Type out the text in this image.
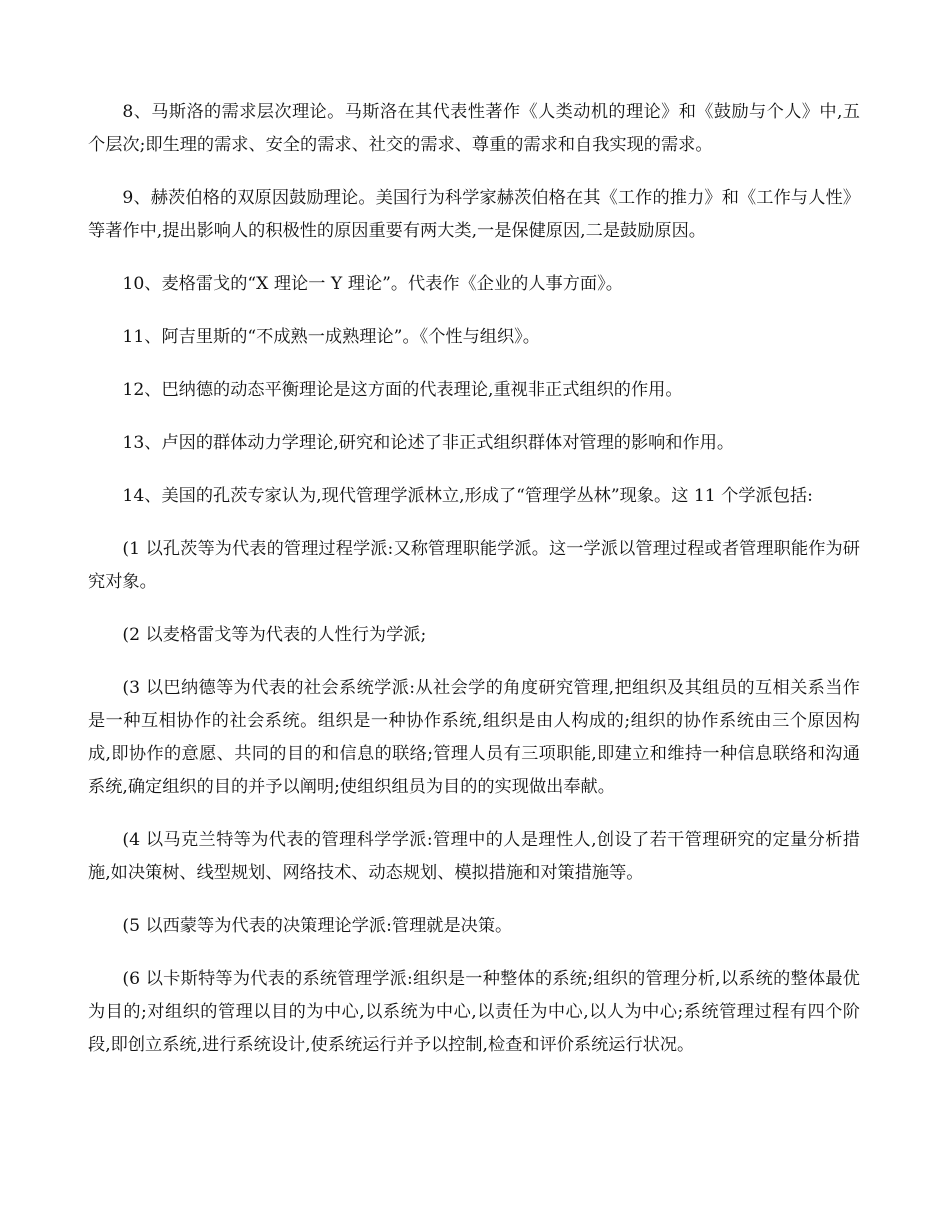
8、马斯洛的需求层次理论。马斯洛在其代表性著作《人类动机的理论》和《鼓励与个人》中,五个层次;即生理的需求、安全的需求、社交的需求、尊重的需求和自我实现的需求。

9、赫茨伯格的双原因鼓励理论。美国行为科学家赫茨伯格在其《工作的推力》和《工作与人性》等著作中,提出影响人的积极性的原因重要有两大类,一是保健原因,二是鼓励原因。

10、麦格雷戈的“X 理论一 Y 理论”。代表作《企业的人事方面》。

11、阿吉里斯的“不成熟一成熟理论”。《个性与组织》。

12、巴纳德的动态平衡理论是这方面的代表理论,重视非正式组织的作用。

13、卢因的群体动力学理论,研究和论述了非正式组织群体对管理的影响和作用。

14、美国的孔茨专家认为,现代管理学派林立,形成了“管理学丛林”现象。这 11 个学派包括:

(1 以孔茨等为代表的管理过程学派:又称管理职能学派。这一学派以管理过程或者管理职能作为研究对象。

(2 以麦格雷戈等为代表的人性行为学派;

(3 以巴纳德等为代表的社会系统学派:从社会学的角度研究管理,把组织及其组员的互相关系当作是一种互相协作的社会系统。组织是一种协作系统,组织是由人构成的;组织的协作系统由三个原因构成,即协作的意愿、共同的目的和信息的联络;管理人员有三项职能,即建立和维持一种信息联络和沟通系统,确定组织的目的并予以阐明;使组织组员为目的的实现做出奉献。

(4 以马克兰特等为代表的管理科学学派:管理中的人是理性人,创设了若干管理研究的定量分析措施,如决策树、线型规划、网络技术、动态规划、模拟措施和对策措施等。

(5 以西蒙等为代表的决策理论学派:管理就是决策。

(6 以卡斯特等为代表的系统管理学派:组织是一种整体的系统;组织的管理分析,以系统的整体最优为目的;对组织的管理以目的为中心,以系统为中心,以责任为中心,以人为中心;系统管理过程有四个阶段,即创立系统,进行系统设计,使系统运行并予以控制,检查和评价系统运行状况。
